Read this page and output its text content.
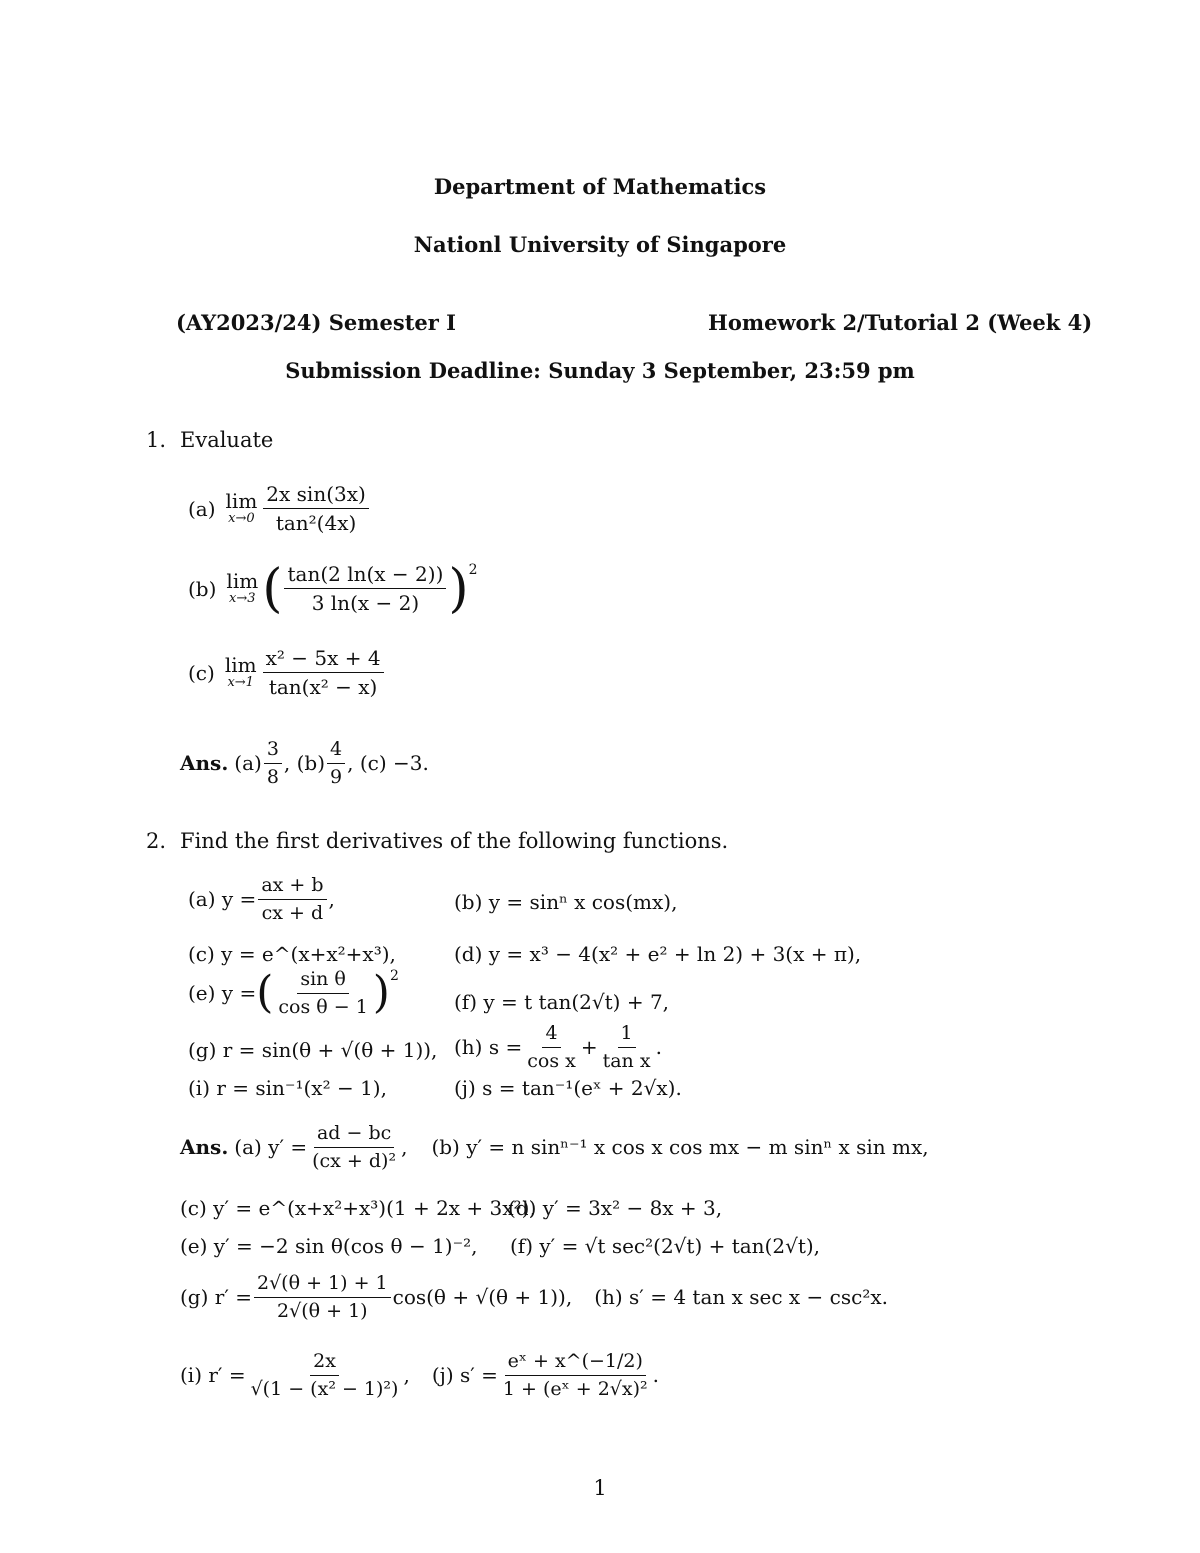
Department of Mathematics
Nationl University of Singapore
(AY2023/24) Semester I	Homework 2/Tutorial 2 (Week 4)
Submission Deadline: Sunday 3 September, 23:59 pm
1. Evaluate
(a) lim
$x\to 0 \frac{\text{2x sin(3x)}}{\text{tan²(4x)}}$
(b) lim
x→3 ( $\frac{\tan(2 \ln(x - 2))}{3 \ln(x - 2)}$ ) 2
(c) lim
$x\to 1 \frac{\text{x² − 5x + 4}}{\text{tan(x² − x)}}$
Ans. $(a) \frac{3}{8}$ , $(b) \frac{4}{9}$ , (c) −3.
2. Find the first derivatives of the following functions.
(a) $y = \frac{ax + b}{cx + d}$ ,	(b) y = sinⁿ x cos(mx),
(c) y = e^(x+x²+x³),	(d) y = x³ − 4(x² + e² + ln 2) + 3(x + π),
(e) y = ( $\frac{\text{sin θ}}{\text{cos θ − 1}}$ ) 2
(f) y = t tan(2√t) + 7,
(g) r = sin(θ + √(θ + 1)), (h) $s = \frac{4}{\text{cos x}} + \frac{1}{\text{tan x}}$ .
(i) r = sin⁻¹(x² − 1),	(j) s = tan⁻¹(eˣ + 2√x).
Ans. (a) $y' = \frac{ad - bc}{\text{(cx + d)²}}$ , (b) y′ = n sinⁿ⁻¹ x cos x cos mx − m sinⁿ x sin mx,
(c) y′ = e^(x+x²+x³)(1 + 2x + 3x²),
(d) y′ = 3x² − 8x + 3,
(e) y′ = −2 sin θ(cos θ − 1)⁻², (f) y′ = √t sec²(2√t) + tan(2√t),
(g) $r' = \frac{2√(\theta + 1) + 1}{2√(\theta + 1)} \cos(\theta + √(\theta + 1))$, (h) s′ = 4 tan x sec x − csc²x.
(i) $r' = \frac{2x}{\text{√(1 − (x² − 1)²)}}$ , (j) $s' = \frac{\text{eˣ + x\textasciicircum{}(−1/2)}}{\text{1 + (eˣ + 2√x)²}}$ .
1
